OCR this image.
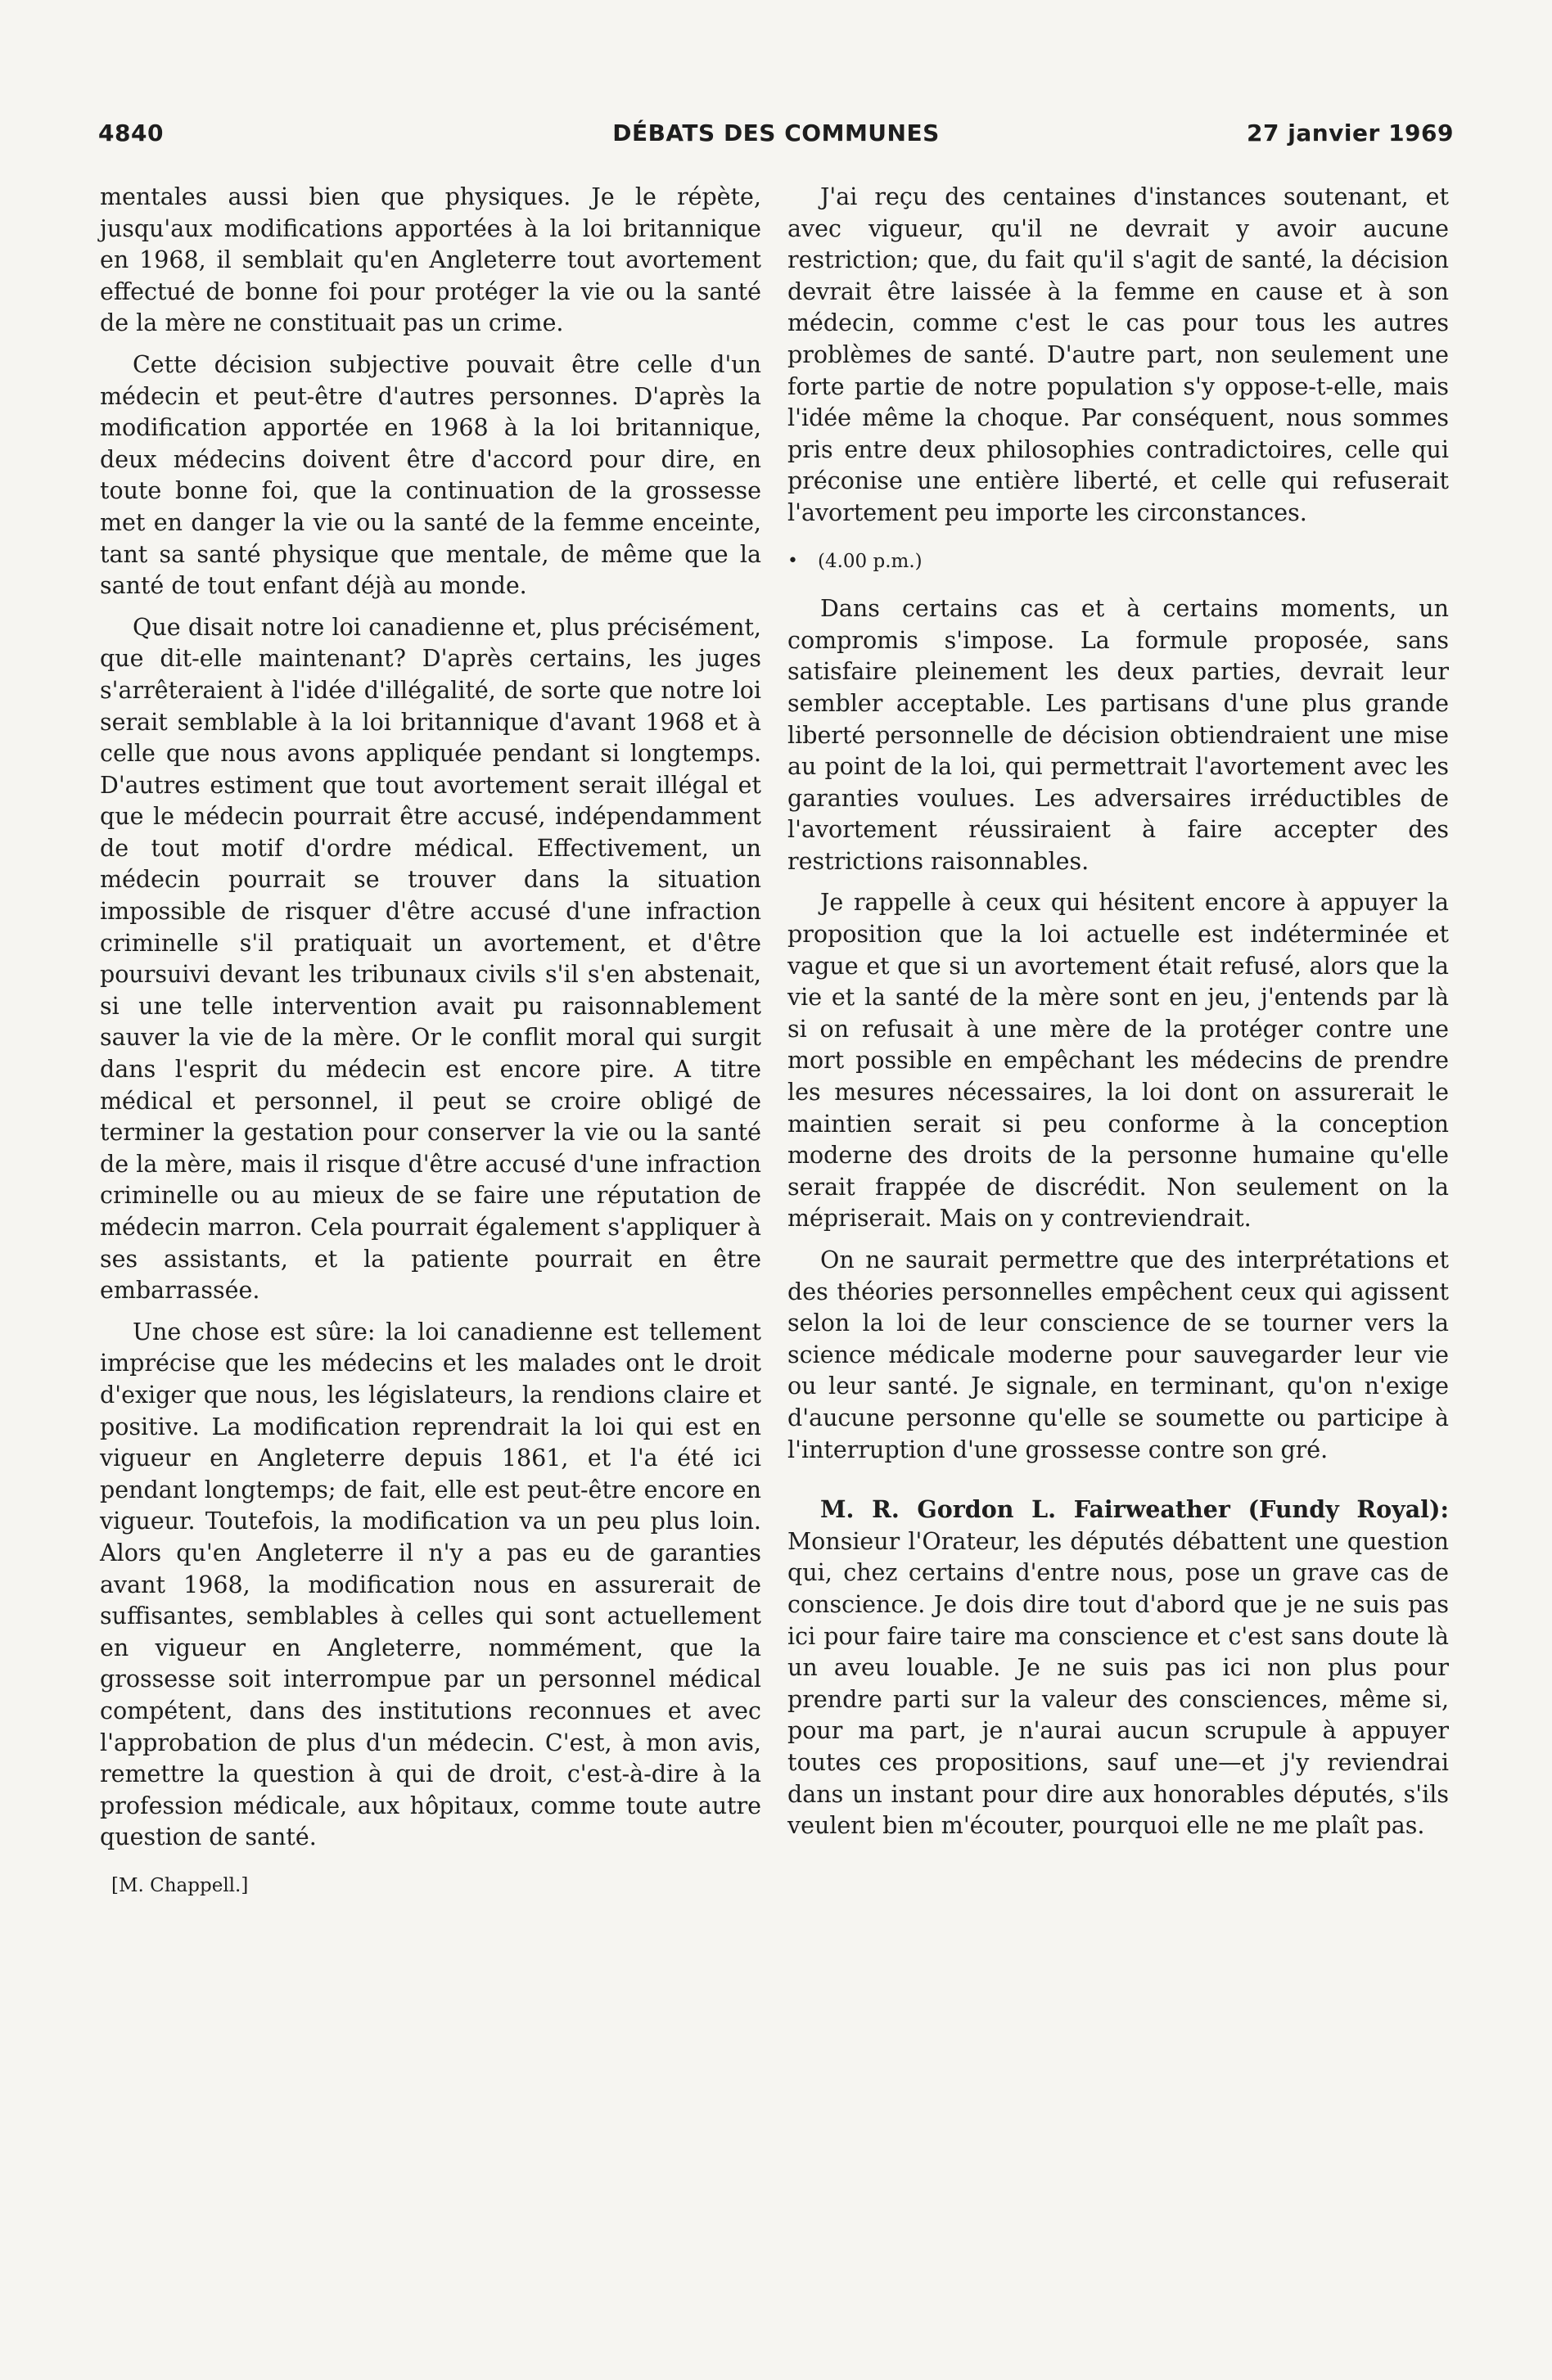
4840	DÉBATS DES COMMUNES	27 janvier 1969

mentales aussi bien que physiques. Je le répète, jusqu'aux modifications apportées à la loi britannique en 1968, il semblait qu'en Angleterre tout avortement effectué de bonne foi pour protéger la vie ou la santé de la mère ne constituait pas un crime.

Cette décision subjective pouvait être celle d'un médecin et peut-être d'autres personnes. D'après la modification apportée en 1968 à la loi britannique, deux médecins doivent être d'accord pour dire, en toute bonne foi, que la continuation de la grossesse met en danger la vie ou la santé de la femme enceinte, tant sa santé physique que mentale, de même que la santé de tout enfant déjà au monde.

Que disait notre loi canadienne et, plus précisément, que dit-elle maintenant? D'après certains, les juges s'arrêteraient à l'idée d'illégalité, de sorte que notre loi serait semblable à la loi britannique d'avant 1968 et à celle que nous avons appliquée pendant si longtemps. D'autres estiment que tout avortement serait illégal et que le médecin pourrait être accusé, indépendamment de tout motif d'ordre médical. Effectivement, un médecin pourrait se trouver dans la situation impossible de risquer d'être accusé d'une infraction criminelle s'il pratiquait un avortement, et d'être poursuivi devant les tribunaux civils s'il s'en abstenait, si une telle intervention avait pu raisonnablement sauver la vie de la mère. Or le conflit moral qui surgit dans l'esprit du médecin est encore pire. A titre médical et personnel, il peut se croire obligé de terminer la gestation pour conserver la vie ou la santé de la mère, mais il risque d'être accusé d'une infraction criminelle ou au mieux de se faire une réputation de médecin marron. Cela pourrait également s'appliquer à ses assistants, et la patiente pourrait en être embarrassée.

Une chose est sûre: la loi canadienne est tellement imprécise que les médecins et les malades ont le droit d'exiger que nous, les législateurs, la rendions claire et positive. La modification reprendrait la loi qui est en vigueur en Angleterre depuis 1861, et l'a été ici pendant longtemps; de fait, elle est peut-être encore en vigueur. Toutefois, la modification va un peu plus loin. Alors qu'en Angleterre il n'y a pas eu de garanties avant 1968, la modification nous en assurerait de suffisantes, semblables à celles qui sont actuellement en vigueur en Angleterre, nommément, que la grossesse soit interrompue par un personnel médical compétent, dans des institutions reconnues et avec l'approbation de plus d'un médecin. C'est, à mon avis, remettre la question à qui de droit, c'est-à-dire à la profession médicale, aux hôpitaux, comme toute autre question de santé.

[M. Chappell.]

J'ai reçu des centaines d'instances soutenant, et avec vigueur, qu'il ne devrait y avoir aucune restriction; que, du fait qu'il s'agit de santé, la décision devrait être laissée à la femme en cause et à son médecin, comme c'est le cas pour tous les autres problèmes de santé. D'autre part, non seulement une forte partie de notre population s'y oppose-t-elle, mais l'idée même la choque. Par conséquent, nous sommes pris entre deux philosophies contradictoires, celle qui préconise une entière liberté, et celle qui refuserait l'avortement peu importe les circonstances.

• (4.00 p.m.)

Dans certains cas et à certains moments, un compromis s'impose. La formule proposée, sans satisfaire pleinement les deux parties, devrait leur sembler acceptable. Les partisans d'une plus grande liberté personnelle de décision obtiendraient une mise au point de la loi, qui permettrait l'avortement avec les garanties voulues. Les adversaires irréductibles de l'avortement réussiraient à faire accepter des restrictions raisonnables.

Je rappelle à ceux qui hésitent encore à appuyer la proposition que la loi actuelle est indéterminée et vague et que si un avortement était refusé, alors que la vie et la santé de la mère sont en jeu, j'entends par là si on refusait à une mère de la protéger contre une mort possible en empêchant les médecins de prendre les mesures nécessaires, la loi dont on assurerait le maintien serait si peu conforme à la conception moderne des droits de la personne humaine qu'elle serait frappée de discrédit. Non seulement on la mépriserait. Mais on y contreviendrait.

On ne saurait permettre que des interprétations et des théories personnelles empêchent ceux qui agissent selon la loi de leur conscience de se tourner vers la science médicale moderne pour sauvegarder leur vie ou leur santé. Je signale, en terminant, qu'on n'exige d'aucune personne qu'elle se soumette ou participe à l'interruption d'une grossesse contre son gré.

M. R. Gordon L. Fairweather (Fundy Royal): Monsieur l'Orateur, les députés débattent une question qui, chez certains d'entre nous, pose un grave cas de conscience. Je dois dire tout d'abord que je ne suis pas ici pour faire taire ma conscience et c'est sans doute là un aveu louable. Je ne suis pas ici non plus pour prendre parti sur la valeur des consciences, même si, pour ma part, je n'aurai aucun scrupule à appuyer toutes ces propositions, sauf une—et j'y reviendrai dans un instant pour dire aux honorables députés, s'ils veulent bien m'écouter, pourquoi elle ne me plaît pas.
